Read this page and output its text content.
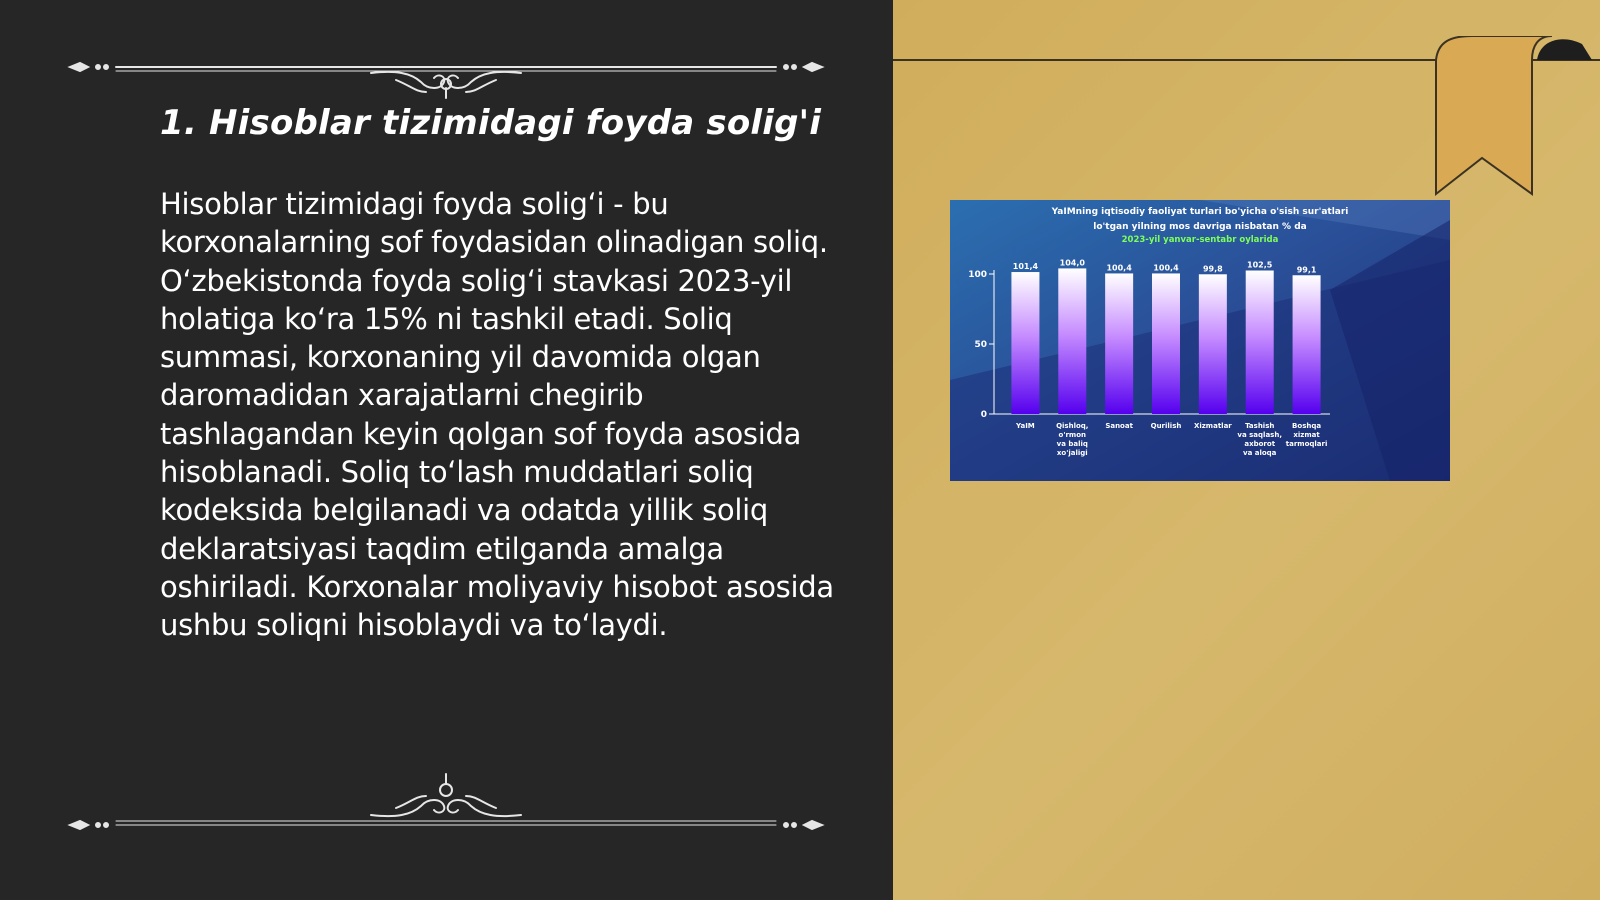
1. Hisoblar tizimidagi foyda solig'i

Hisoblar tizimidagi foyda solig‘i - bu korxonalarning sof foydasidan olinadigan soliq. O‘zbekistonda foyda solig‘i stavkasi 2023-yil holatiga ko‘ra 15% ni tashkil etadi. Soliq summasi, korxonaning yil davomida olgan daromadidan xarajatlarni chegirib tashlagandan keyin qolgan sof foyda asosida hisoblanadi. Soliq to‘lash muddatlari soliq kodeksida belgilanadi va odatda yillik soliq deklaratsiyasi taqdim etilganda amalga oshiriladi. Korxonalar moliyaviy hisobot asosida ushbu soliqni hisoblaydi va to‘laydi.

YaIMning iqtisodiy faoliyat turlari bo'yicha o'sish sur'atlari
lo'tgan yilning mos davriga nisbatan % da
2023-yil yanvar-sentabr oylarida
0
50
100
101,4
YaIM
104,0
Qishloq, o'rmon va baliq xo'jaligi
100,4
Sanoat
100,4
Qurilish
99,8
Xizmatlar
102,5
Tashish va saqlash, axborot va aloqa
99,1
Boshqa xizmat tarmoqlari
